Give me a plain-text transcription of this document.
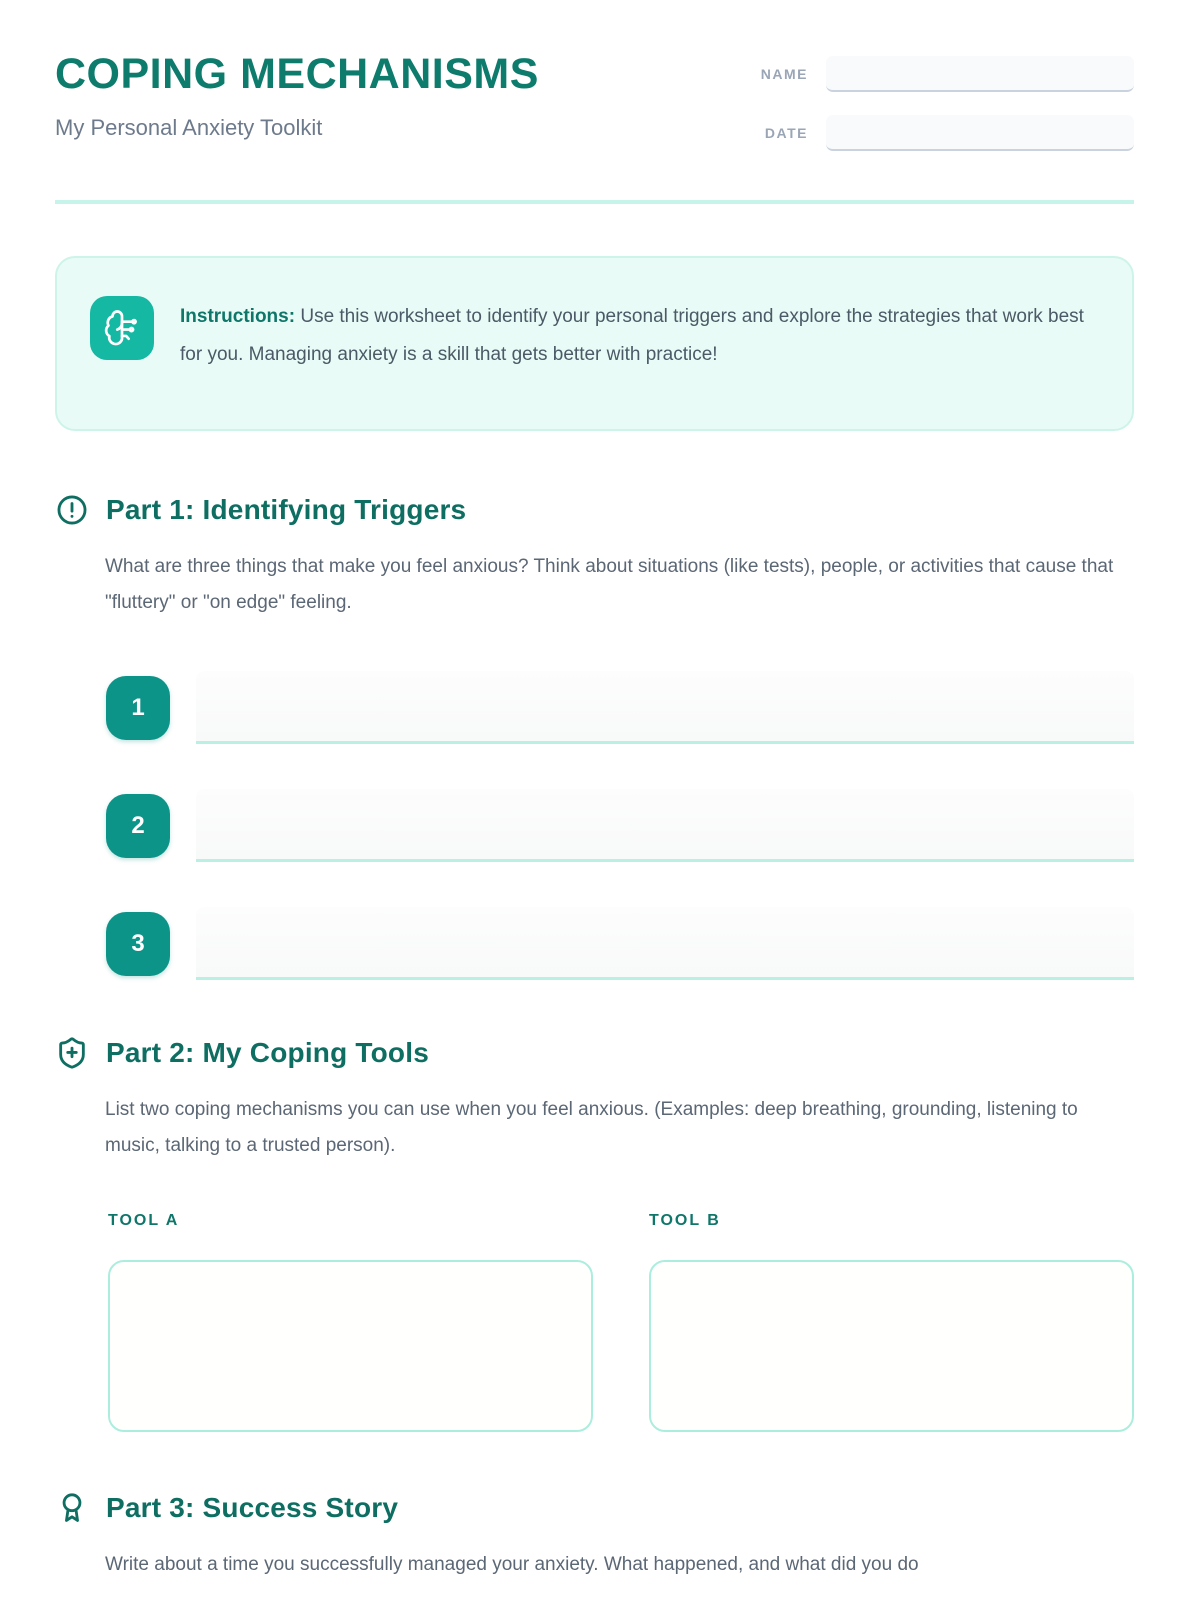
COPING MECHANISMS
My Personal Anxiety Toolkit
NAME
DATE
Instructions: Use this worksheet to identify your personal triggers and explore the strategies that work best for you. Managing anxiety is a skill that gets better with practice!
Part 1: Identifying Triggers
What are three things that make you feel anxious? Think about situations (like tests), people, or activities that cause that "fluttery" or "on edge" feeling.
1
2
3
Part 2: My Coping Tools
List two coping mechanisms you can use when you feel anxious. (Examples: deep breathing, grounding, listening to music, talking to a trusted person).
TOOL A	TOOL B
Part 3: Success Story
Write about a time you successfully managed your anxiety. What happened, and what did you do
